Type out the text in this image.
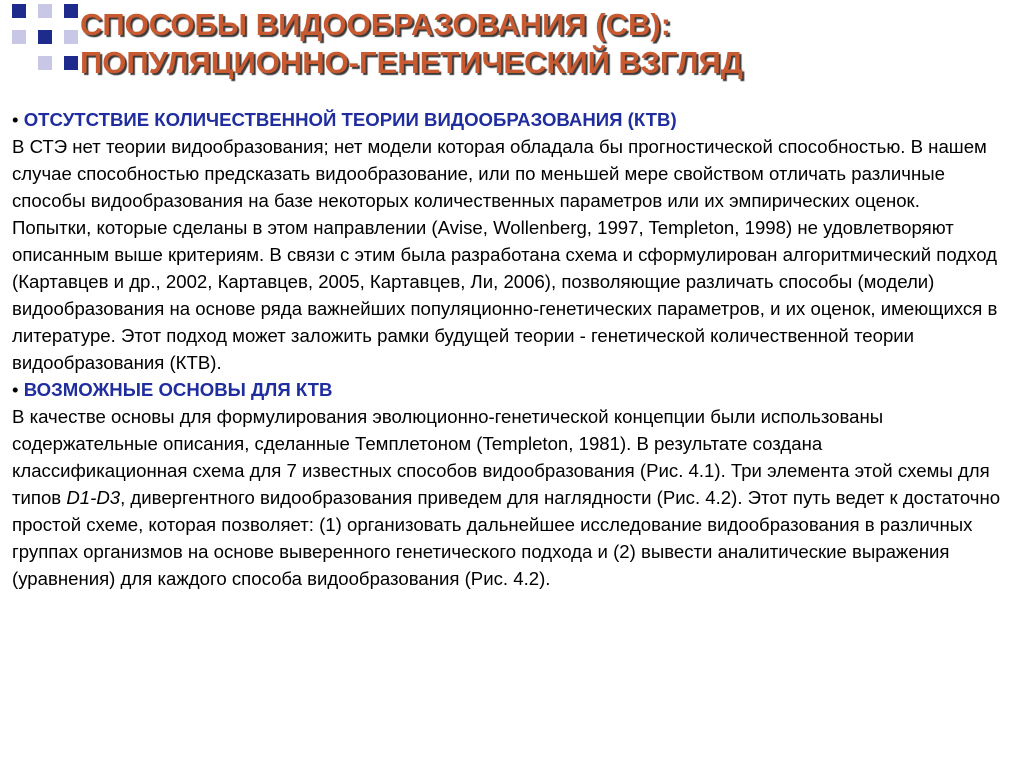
СПОСОБЫ ВИДООБРАЗОВАНИЯ (СВ):
ПОПУЛЯЦИОННО-ГЕНЕТИЧЕСКИЙ ВЗГЛЯД

• ОТСУТСТВИЕ КОЛИЧЕСТВЕННОЙ ТЕОРИИ ВИДООБРАЗОВАНИЯ (КТВ)

В СТЭ нет теории видообразования; нет модели которая обладала бы прогностической способностью. В нашем случае способностью предсказать видообразование, или по меньшей мере свойством отличать различные способы видообразования на базе некоторых количественных параметров или их эмпирических оценок. Попытки, которые сделаны в этом направлении (Avise, Wollenberg, 1997, Templeton, 1998) не удовлетворяют описанным выше критериям. В связи с этим была разработана схема и сформулирован алгоритмический подход (Картавцев и др., 2002, Картавцев, 2005, Картавцев, Ли, 2006), позволяющие различать способы (модели) видообразования на основе ряда важнейших популяционно-генетических параметров, и их оценок, имеющихся в литературе. Этот подход может заложить рамки будущей теории - генетической количественной теории видообразования (КТВ).

• ВОЗМОЖНЫЕ ОСНОВЫ ДЛЯ КТВ

В качестве основы для формулирования эволюционно-генетической концепции были использованы содержательные описания, сделанные Темплетоном (Templeton, 1981). В результате создана классификационная схема для 7 известных способов видообразования (Рис. 4.1). Три элемента этой схемы для типов D1-D3, дивергентного видообразования приведем для наглядности (Рис. 4.2). Этот путь ведет к достаточно простой схеме, которая позволяет: (1) организовать дальнейшее исследование видообразования в различных группах организмов на основе выверенного генетического подхода и (2) вывести аналитические выражения (уравнения) для каждого способа видообразования (Рис. 4.2).
